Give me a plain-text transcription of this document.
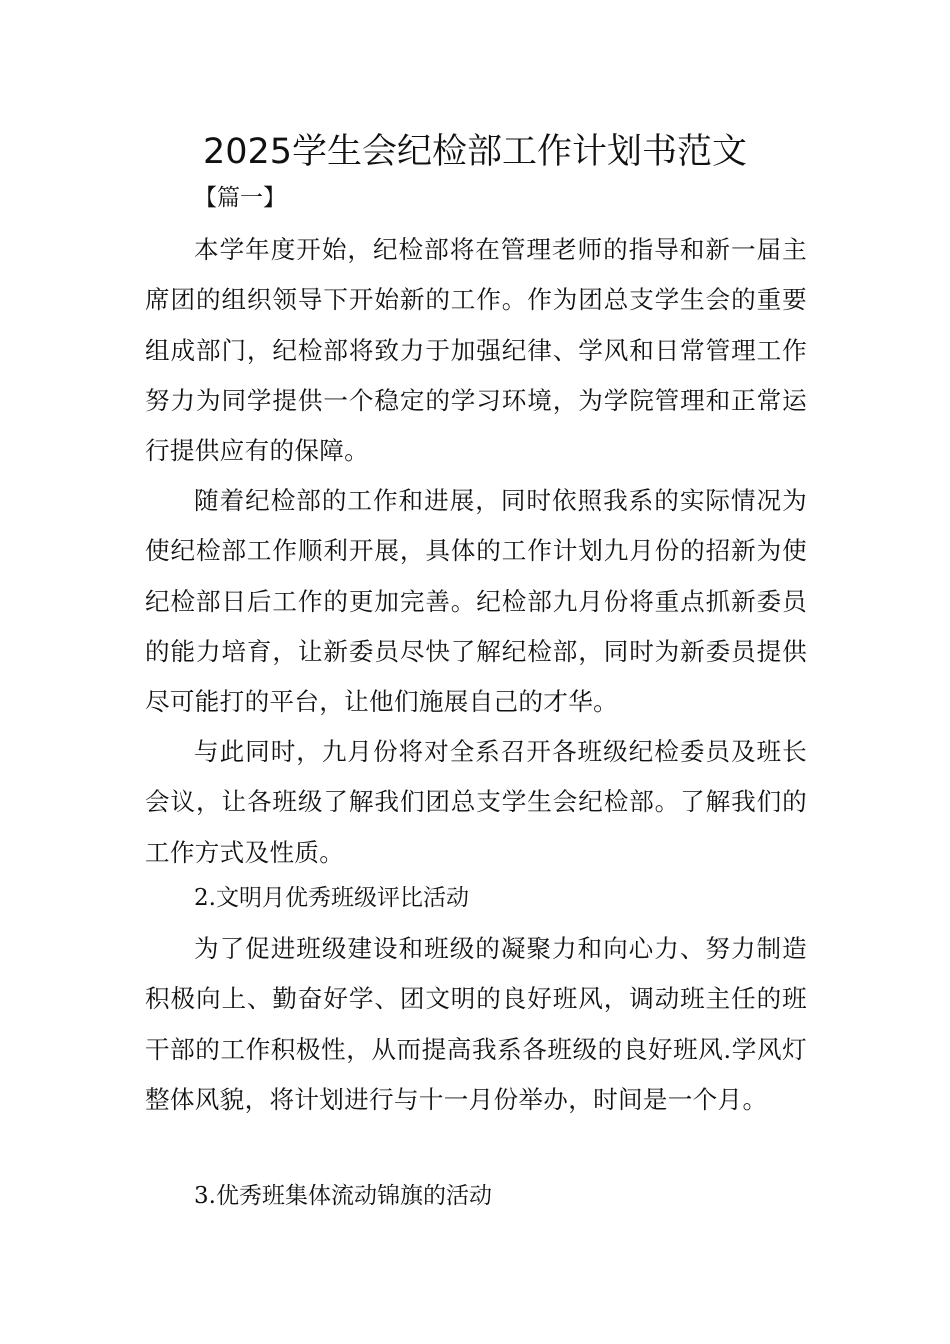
2025学生会纪检部工作计划书范文
【篇一】

本学年度开始，纪检部将在管理老师的指导和新一届主席团的组织领导下开始新的工作。作为团总支学生会的重要组成部门，纪检部将致力于加强纪律、学风和日常管理工作努力为同学提供一个稳定的学习环境，为学院管理和正常运行提供应有的保障。

随着纪检部的工作和进展，同时依照我系的实际情况为使纪检部工作顺利开展，具体的工作计划九月份的招新为使纪检部日后工作的更加完善。纪检部九月份将重点抓新委员的能力培育，让新委员尽快了解纪检部，同时为新委员提供尽可能打的平台，让他们施展自己的才华。

与此同时，九月份将对全系召开各班级纪检委员及班长会议，让各班级了解我们团总支学生会纪检部。了解我们的工作方式及性质。

2.文明月优秀班级评比活动

为了促进班级建设和班级的凝聚力和向心力、努力制造积极向上、勤奋好学、团文明的良好班风，调动班主任的班干部的工作积极性，从而提高我系各班级的良好班风.学风灯整体风貌，将计划进行与十一月份举办，时间是一个月。

3.优秀班集体流动锦旗的活动
